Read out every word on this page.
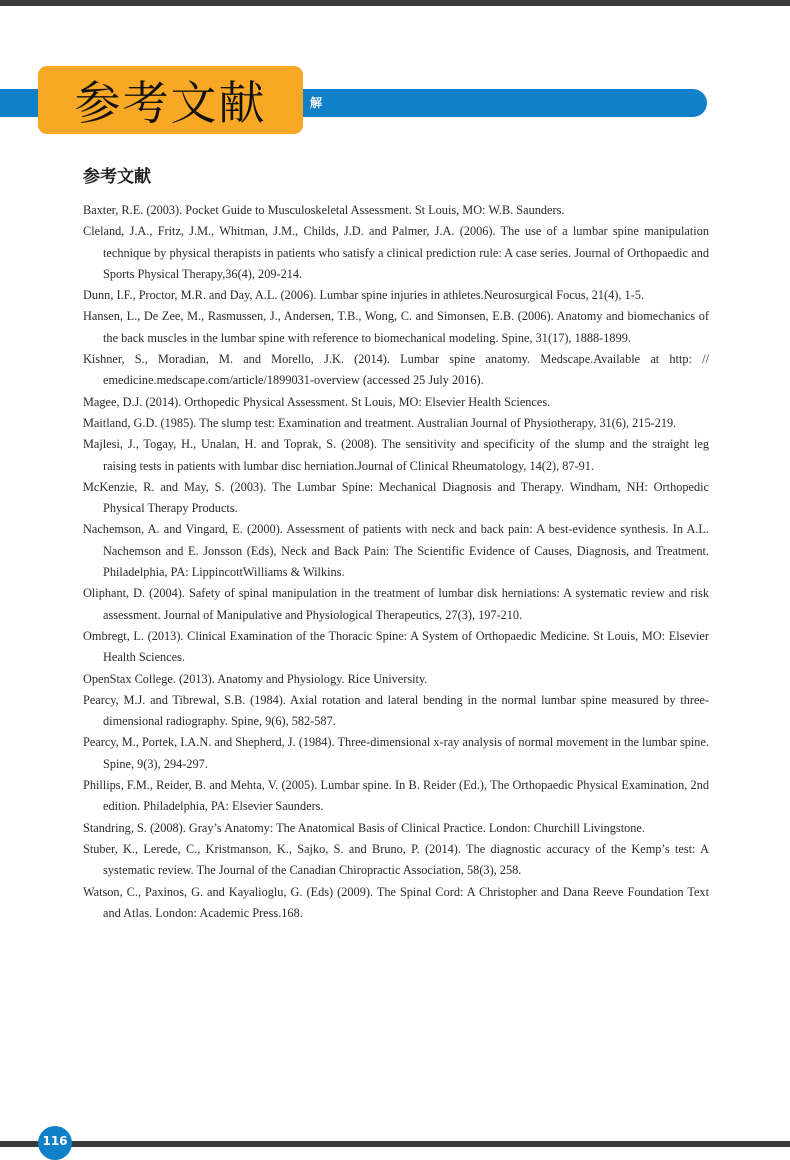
解
参考文献
参考文献
Baxter, R.E. (2003). Pocket Guide to Musculoskeletal Assessment. St Louis, MO: W.B. Saunders.
Cleland, J.A., Fritz, J.M., Whitman, J.M., Childs, J.D. and Palmer, J.A. (2006). The use of a lumbar spine manipulation technique by physical therapists in patients who satisfy a clinical prediction rule: A case series. Journal of Orthopaedic and Sports Physical Therapy,36(4), 209-214.
Dunn, I.F., Proctor, M.R. and Day, A.L. (2006). Lumbar spine injuries in athletes.Neurosurgical Focus, 21(4), 1-5.
Hansen, L., De Zee, M., Rasmussen, J., Andersen, T.B., Wong, C. and Simonsen, E.B. (2006). Anatomy and biomechanics of the back muscles in the lumbar spine with reference to biomechanical modeling. Spine, 31(17), 1888-1899.
Kishner, S., Moradian, M. and Morello, J.K. (2014). Lumbar spine anatomy. Medscape.Available at http: // emedicine.medscape.com/article/1899031-overview (accessed 25 July 2016).
Magee, D.J. (2014). Orthopedic Physical Assessment. St Louis, MO: Elsevier Health Sciences.
Maitland, G.D. (1985). The slump test: Examination and treatment. Australian Journal of Physiotherapy, 31(6), 215-219.
Majlesi, J., Togay, H., Unalan, H. and Toprak, S. (2008). The sensitivity and specificity of the slump and the straight leg raising tests in patients with lumbar disc herniation.Journal of Clinical Rheumatology, 14(2), 87-91.
McKenzie, R. and May, S. (2003). The Lumbar Spine: Mechanical Diagnosis and Therapy. Windham, NH: Orthopedic Physical Therapy Products.
Nachemson, A. and Vingard, E. (2000). Assessment of patients with neck and back pain: A best-evidence synthesis. In A.L. Nachemson and E. Jonsson (Eds), Neck and Back Pain: The Scientific Evidence of Causes, Diagnosis, and Treatment. Philadelphia, PA: LippincottWilliams & Wilkins.
Oliphant, D. (2004). Safety of spinal manipulation in the treatment of lumbar disk herniations: A systematic review and risk assessment. Journal of Manipulative and Physiological Therapeutics, 27(3), 197-210.
Ombregt, L. (2013). Clinical Examination of the Thoracic Spine: A System of Orthopaedic Medicine. St Louis, MO: Elsevier Health Sciences.
OpenStax College. (2013). Anatomy and Physiology. Rice University.
Pearcy, M.J. and Tibrewal, S.B. (1984). Axial rotation and lateral bending in the normal lumbar spine measured by three-dimensional radiography. Spine, 9(6), 582-587.
Pearcy, M., Portek, I.A.N. and Shepherd, J. (1984). Three-dimensional x-ray analysis of normal movement in the lumbar spine. Spine, 9(3), 294-297.
Phillips, F.M., Reider, B. and Mehta, V. (2005). Lumbar spine. In B. Reider (Ed.), The Orthopaedic Physical Examination, 2nd edition. Philadelphia, PA: Elsevier Saunders.
Standring, S. (2008). Gray’s Anatomy: The Anatomical Basis of Clinical Practice. London: Churchill Livingstone.
Stuber, K., Lerede, C., Kristmanson, K., Sajko, S. and Bruno, P. (2014). The diagnostic accuracy of the Kemp’s test: A systematic review. The Journal of the Canadian Chiropractic Association, 58(3), 258.
Watson, C., Paxinos, G. and Kayalioglu, G. (Eds) (2009). The Spinal Cord: A Christopher and Dana Reeve Foundation Text and Atlas. London: Academic Press.168.
116
